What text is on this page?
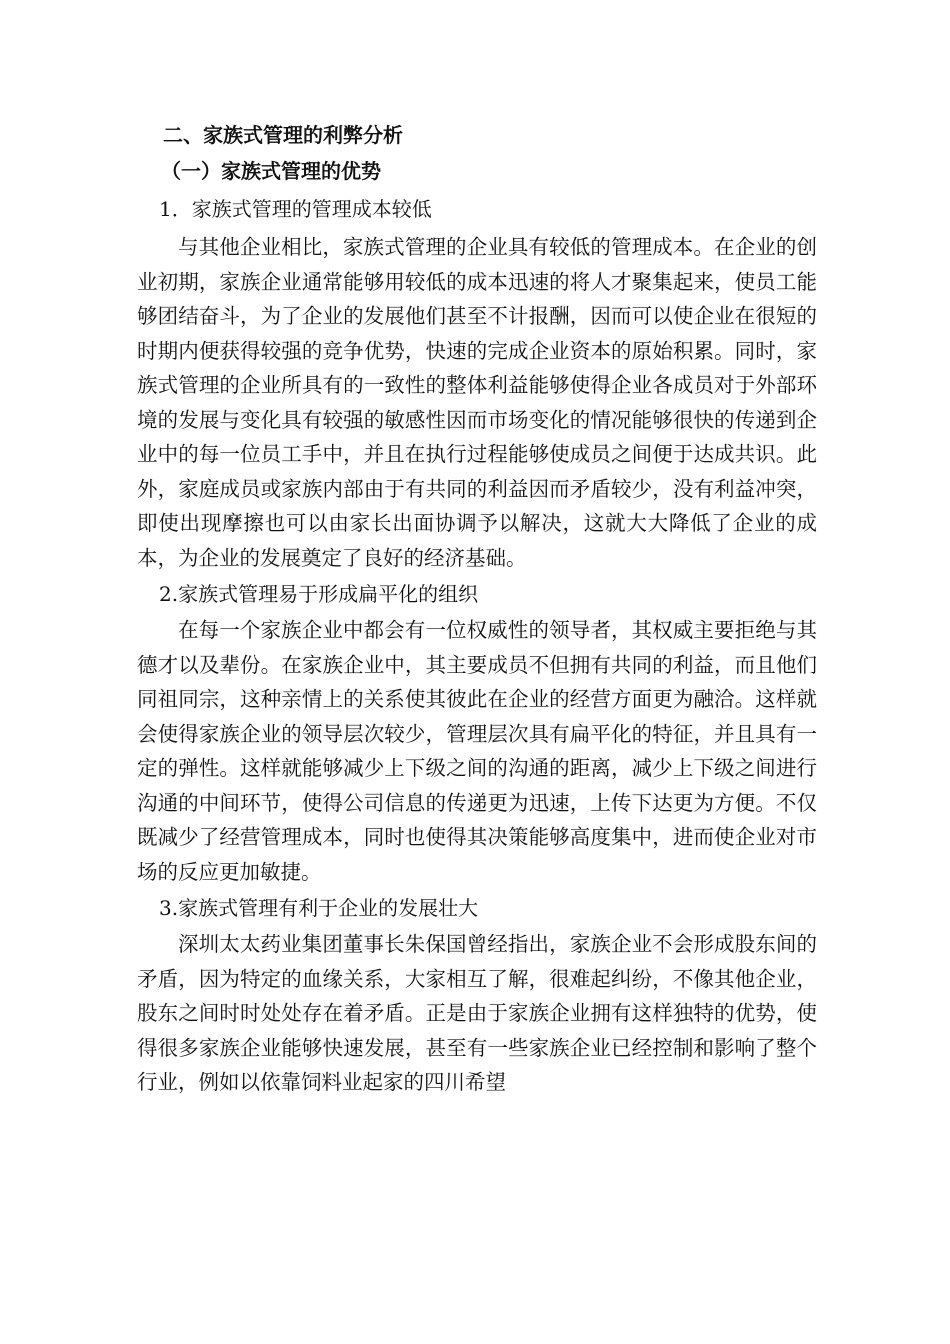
二、家族式管理的利弊分析
（一）家族式管理的优势
1．家族式管理的管理成本较低

与其他企业相比，家族式管理的企业具有较低的管理成本。在企业的创业初期，家族企业通常能够用较低的成本迅速的将人才聚集起来，使员工能够团结奋斗，为了企业的发展他们甚至不计报酬，因而可以使企业在很短的时期内便获得较强的竞争优势，快速的完成企业资本的原始积累。同时，家族式管理的企业所具有的一致性的整体利益能够使得企业各成员对于外部环境的发展与变化具有较强的敏感性因而市场变化的情况能够很快的传递到企业中的每一位员工手中，并且在执行过程能够使成员之间便于达成共识。此外，家庭成员或家族内部由于有共同的利益因而矛盾较少，没有利益冲突，即使出现摩擦也可以由家长出面协调予以解决，这就大大降低了企业的成本，为企业的发展奠定了良好的经济基础。

2.家族式管理易于形成扁平化的组织

在每一个家族企业中都会有一位权威性的领导者，其权威主要拒绝与其德才以及辈份。在家族企业中，其主要成员不但拥有共同的利益，而且他们同祖同宗，这种亲情上的关系使其彼此在企业的经营方面更为融洽。这样就会使得家族企业的领导层次较少，管理层次具有扁平化的特征，并且具有一定的弹性。这样就能够减少上下级之间的沟通的距离，减少上下级之间进行沟通的中间环节，使得公司信息的传递更为迅速，上传下达更为方便。不仅既减少了经营管理成本，同时也使得其决策能够高度集中，进而使企业对市场的反应更加敏捷。

3.家族式管理有利于企业的发展壮大

深圳太太药业集团董事长朱保国曾经指出，家族企业不会形成股东间的矛盾，因为特定的血缘关系，大家相互了解，很难起纠纷，不像其他企业，股东之间时时处处存在着矛盾。正是由于家族企业拥有这样独特的优势，使得很多家族企业能够快速发展，甚至有一些家族企业已经控制和影响了整个行业，例如以依靠饲料业起家的四川希望
